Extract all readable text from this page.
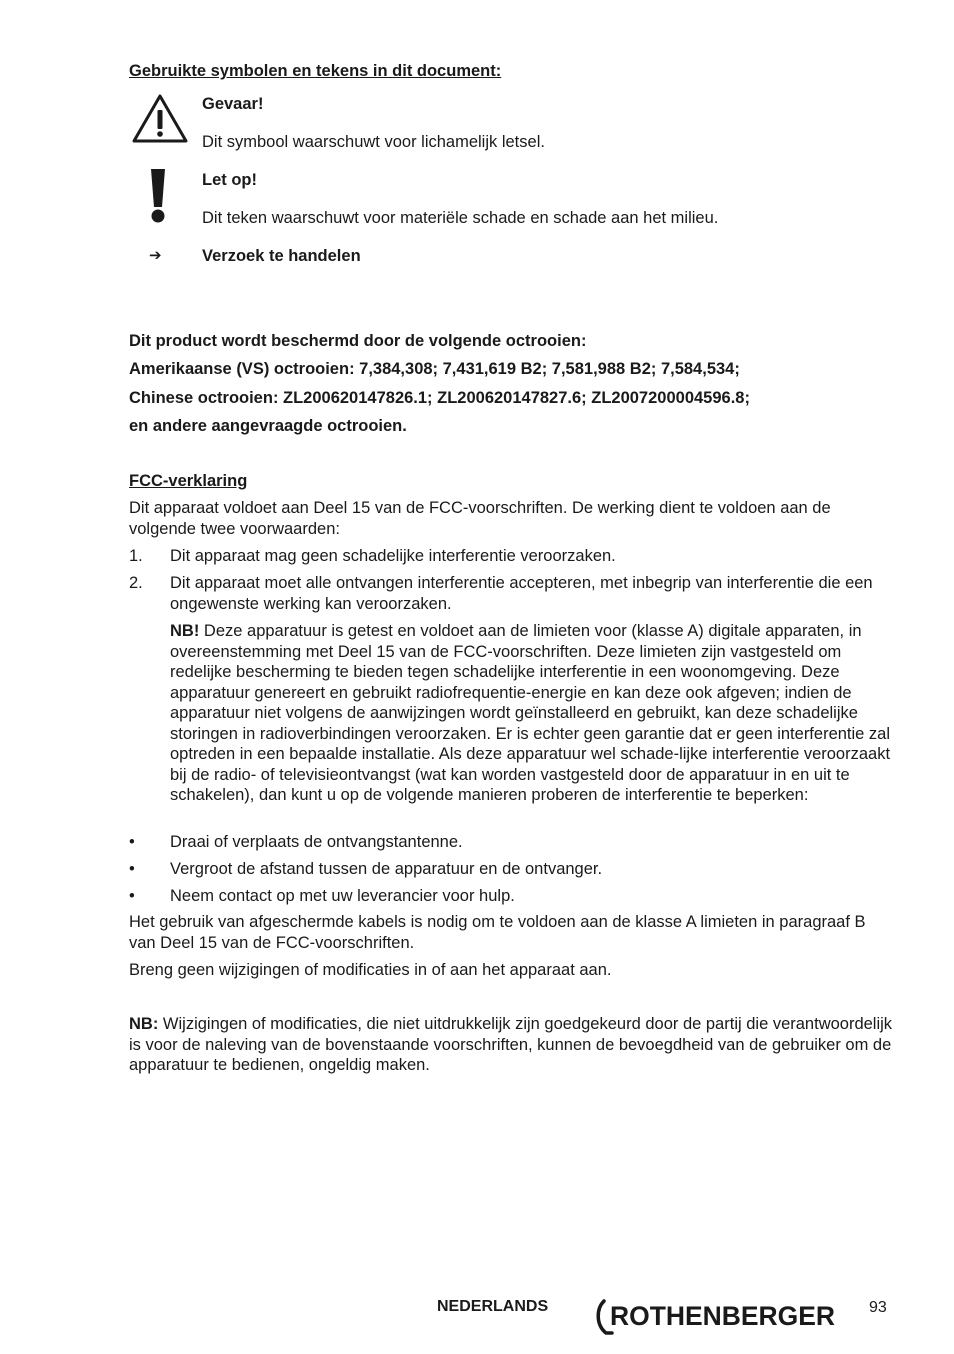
Gebruikte symbolen en tekens in dit document:
Gevaar!
Dit symbool waarschuwt voor lichamelijk letsel.
Let op!
Dit teken waarschuwt voor materiële schade en schade aan het milieu.
➔ Verzoek te handelen
Dit product wordt beschermd door de volgende octrooien:
Amerikaanse (VS) octrooien: 7,384,308; 7,431,619 B2; 7,581,988 B2; 7,584,534;
Chinese octrooien: ZL200620147826.1; ZL200620147827.6; ZL2007200004596.8;
en andere aangevraagde octrooien.
FCC-verklaring

Dit apparaat voldoet aan Deel 15 van de FCC-voorschriften. De werking dient te voldoen aan de volgende twee voorwaarden:

1. Dit apparaat mag geen schadelijke interferentie veroorzaken.
2. Dit apparaat moet alle ontvangen interferentie accepteren, met inbegrip van interferentie die een ongewenste werking kan veroorzaken.

NB! Deze apparatuur is getest en voldoet aan de limieten voor (klasse A) digitale apparaten, in overeenstemming met Deel 15 van de FCC-voorschriften. Deze limieten zijn vastgesteld om redelijke bescherming te bieden tegen schadelijke interferentie in een woonomgeving. Deze apparatuur genereert en gebruikt radiofrequentie-energie en kan deze ook afgeven; indien de apparatuur niet volgens de aanwijzingen wordt geïnstalleerd en gebruikt, kan deze schadelijke storingen in radioverbindingen veroorzaken. Er is echter geen garantie dat er geen interferentie zal optreden in een bepaalde installatie. Als deze apparatuur wel schade-lijke interferentie veroorzaakt bij de radio- of televisieontvangst (wat kan worden vastgesteld door de apparatuur in en uit te schakelen), dan kunt u op de volgende manieren proberen de interferentie te beperken:

• Draai of verplaats de ontvangstantenne.
• Vergroot de afstand tussen de apparatuur en de ontvanger.
• Neem contact op met uw leverancier voor hulp.

Het gebruik van afgeschermde kabels is nodig om te voldoen aan de klasse A limieten in paragraaf B van Deel 15 van de FCC-voorschriften.

Breng geen wijzigingen of modificaties in of aan het apparaat aan.

NB: Wijzigingen of modificaties, die niet uitdrukkelijk zijn goedgekeurd door de partij die verantwoordelijk is voor de naleving van de bovenstaande voorschriften, kunnen de bevoegdheid van de gebruiker om de apparatuur te bedienen, ongeldig maken.

NEDERLANDS ROTHENBERGER 93
